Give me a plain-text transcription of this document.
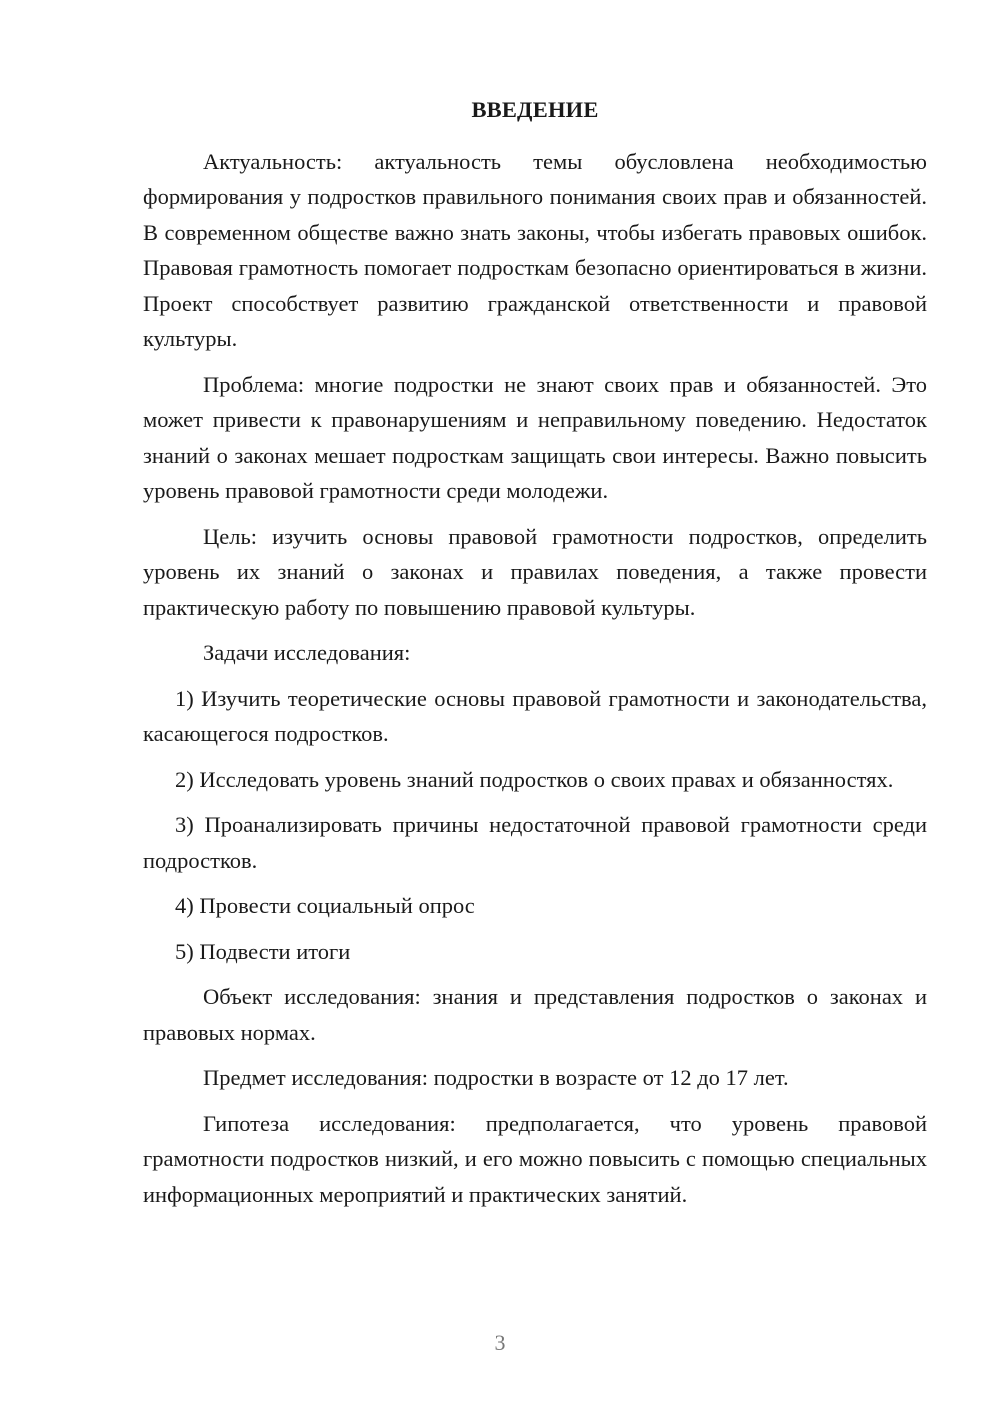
ВВЕДЕНИЕ
Актуальность: актуальность темы обусловлена необходимостью формирования у подростков правильного понимания своих прав и обязанностей. В современном обществе важно знать законы, чтобы избегать правовых ошибок. Правовая грамотность помогает подросткам безопасно ориентироваться в жизни. Проект способствует развитию гражданской ответственности и правовой культуры.
Проблема: многие подростки не знают своих прав и обязанностей. Это может привести к правонарушениям и неправильному поведению. Недостаток знаний о законах мешает подросткам защищать свои интересы. Важно повысить уровень правовой грамотности среди молодежи.
Цель: изучить основы правовой грамотности подростков, определить уровень их знаний о законах и правилах поведения, а также провести практическую работу по повышению правовой культуры.
Задачи исследования:
1) Изучить теоретические основы правовой грамотности и законодательства, касающегося подростков.
2) Исследовать уровень знаний подростков о своих правах и обязанностях.
3) Проанализировать причины недостаточной правовой грамотности среди подростков.
4) Провести социальный опрос
5) Подвести итоги
Объект исследования: знания и представления подростков о законах и правовых нормах.
Предмет исследования: подростки в возрасте от 12 до 17 лет.
Гипотеза исследования: предполагается, что уровень правовой грамотности подростков низкий, и его можно повысить с помощью специальных информационных мероприятий и практических занятий.
3
